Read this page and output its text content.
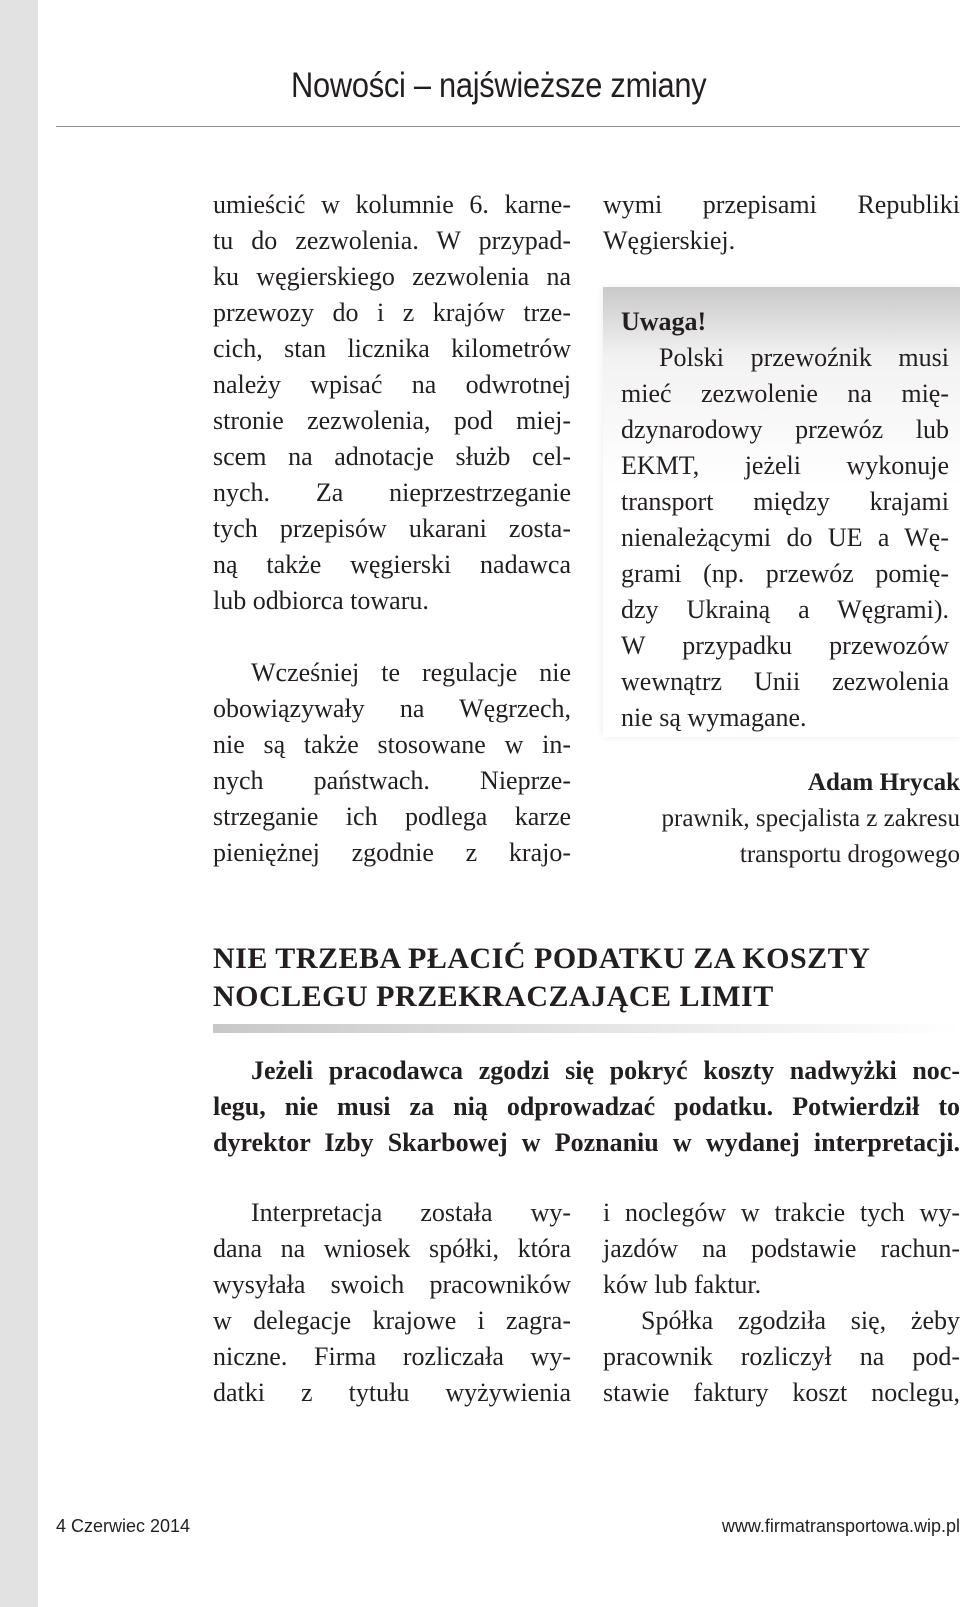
Nowości – najświeższe zmiany

umieścić w kolumnie 6. karne-
tu do zezwolenia. W przypad-
ku węgierskiego zezwolenia na
przewozy do i z krajów trze-
cich, stan licznika kilometrów
należy wpisać na odwrotnej
stronie zezwolenia, pod miej-
scem na adnotacje służb cel-
nych. Za nieprzestrzeganie
tych przepisów ukarani zosta-
ną także węgierski nadawca
lub odbiorca towaru.

Wcześniej te regulacje nie
obowiązywały na Węgrzech,
nie są także stosowane w in-
nych państwach. Nieprze-
strzeganie ich podlega karze
pieniężnej zgodnie z krajo-

wymi przepisami Republiki
Węgierskiej.

Uwaga!
Polski przewoźnik musi
mieć zezwolenie na mię-
dzynarodowy przewóz lub
EKMT, jeżeli wykonuje
transport między krajami
nienależącymi do UE a Wę-
grami (np. przewóz pomię-
dzy Ukrainą a Węgrami).
W przypadku przewozów
wewnątrz Unii zezwolenia
nie są wymagane.
Adam Hrycak
prawnik, specjalista z zakresu
transportu drogowego
NIE TRZEBA PŁACIĆ PODATKU ZA KOSZTY
NOCLEGU PRZEKRACZAJĄCE LIMIT
Jeżeli pracodawca zgodzi się pokryć koszty nadwyżki noc-
legu, nie musi za nią odprowadzać podatku. Potwierdził to
dyrektor Izby Skarbowej w Poznaniu w wydanej interpretacji.

Interpretacja została wy-
dana na wniosek spółki, która
wysyłała swoich pracowników
w delegacje krajowe i zagra-
niczne. Firma rozliczała wy-
datki z tytułu wyżywienia

i noclegów w trakcie tych wy-
jazdów na podstawie rachun-
ków lub faktur.

Spółka zgodziła się, żeby
pracownik rozliczył na pod-
stawie faktury koszt noclegu,

4 Czerwiec 2014	www.firmatransportowa.wip.pl
